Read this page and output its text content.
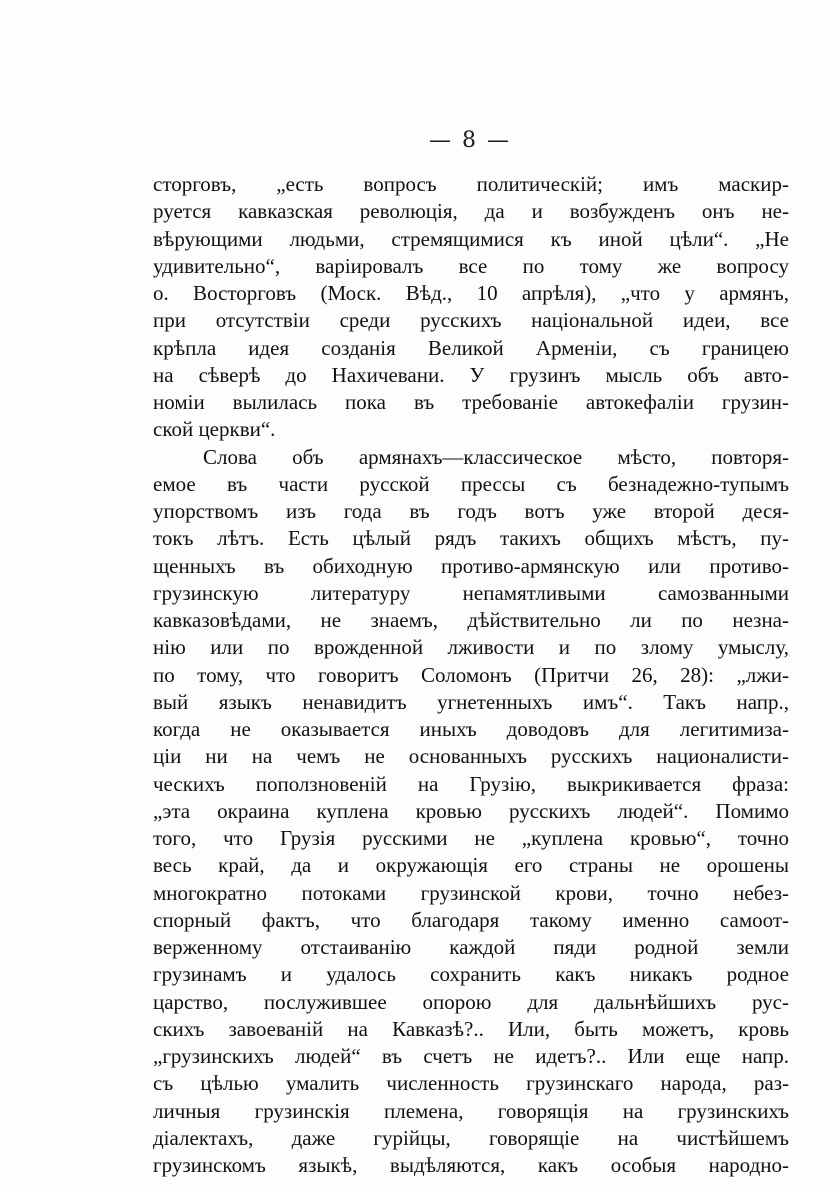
— 8 —
сторговъ, „есть вопросъ политическій; имъ маскиp-
руется кавказская революція, да и возбужденъ онъ не-
вѣрующими людьми, стремящимися къ иной цѣли“. „Не
удивительно“, варіировалъ все по тому же вопросу
о. Восторговъ (Моск. Вѣд., 10 апрѣля), „что у армянъ,
при отсутствіи среди русскихъ національной идеи, все
крѣпла идея созданія Великой Арменіи, съ границею
на сѣверѣ до Нахичевани. У грузинъ мысль объ авто-
номіи вылилась пока въ требованіе автокефаліи грузин-
ской церкви“.
Слова объ армянахъ—классическое мѣсто, повторя-
емое въ части русской прессы съ безнадежно-тупымъ
упорствомъ изъ года въ годъ вотъ уже второй деся-
токъ лѣтъ. Есть цѣлый рядъ такихъ общихъ мѣстъ, пу-
щенныхъ въ обиходную противо-армянскую или противо-
грузинскую литературу непамятливыми самозванными
кавказовѣдами, не знаемъ, дѣйствительно ли по незна-
нію или по врожденной лживости и по злому умыслу,
по тому, что говоритъ Соломонъ (Притчи 26, 28): „лжи-
вый языкъ ненавидитъ угнетенныхъ имъ“. Такъ напр.,
когда не оказывается иныхъ доводовъ для легитимиза-
ціи ни на чемъ не основанныхъ русскихъ националисти-
ческихъ поползновеній на Грузію, выкрикивается фраза:
„эта окраина куплена кровью русскихъ людей“. Помимо
того, что Грузія русскими не „куплена кровью“, точно
весь край, да и окружающія его страны не орошены
многократно потоками грузинской крови, точно небез-
спорный фактъ, что благодаря такому именно самоот-
верженному отстаиванію каждой пяди родной земли
грузинамъ и удалось сохранить какъ никакъ родное
царство, послужившее опорою для дальнѣйшихъ рус-
скихъ завоеваній на Кавказѣ?.. Или, быть можетъ, кровь
„грузинскихъ людей“ въ счетъ не идетъ?.. Или еще напр.
съ цѣлью умалить численность грузинскаго народа, раз-
личныя грузинскія племена, говорящія на грузинскихъ
діалектахъ, даже гурійцы, говорящіе на чистѣйшемъ
грузинскомъ языкѣ, выдѣляются, какъ особыя народно-
